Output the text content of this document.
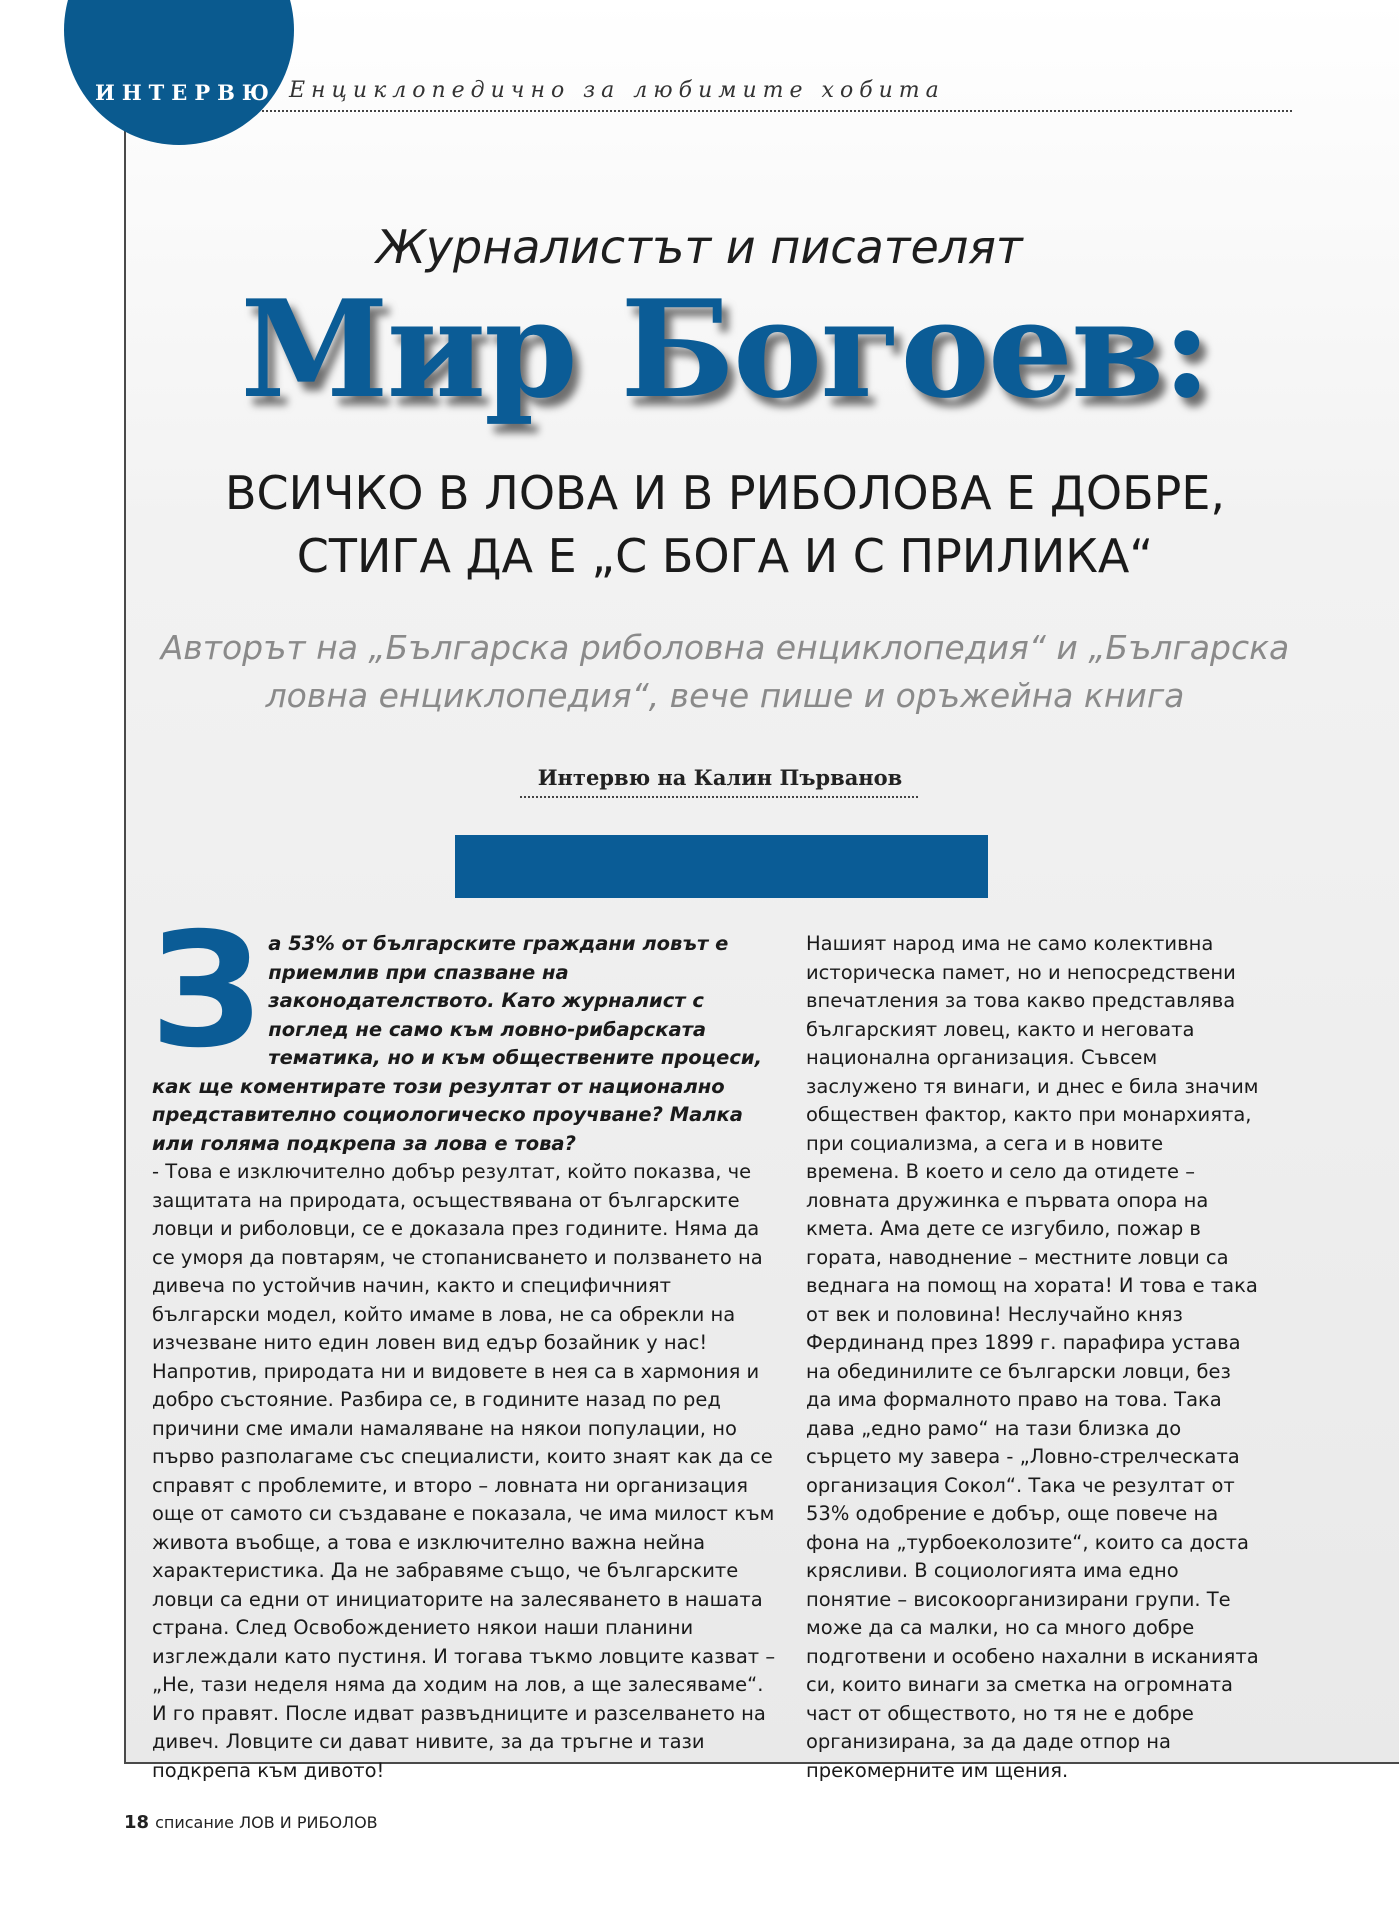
ИНТЕРВЮ Енциклопедично за любимите хобита
Журналистът и писателят
Мир Богоев:
ВСИЧКО В ЛОВА И В РИБОЛОВА Е ДОБРЕ,
СТИГА ДА Е „С БОГА И С ПРИЛИКА“
Авторът на „Българска риболовна енциклопедия“ и „Българска
ловна енциклопедия“, вече пише и оръжейна книга
Интервю на Калин Първанов
З а 53% от българските граждани ловът е приемлив при спазване на законодателството. Като журналист с поглед не само към ловно-рибарската тематика, но и към обществените процеси, как ще коментирате този резултат от национално представително социологическо проучване? Малка или голяма подкрепа за лова е това?

- Това е изключително добър резултат, който показва, че защитата на природата, осъществявана от българските ловци и риболовци, се е доказала през годините. Няма да се уморя да повтарям, че стопанисването и ползването на дивеча по устойчив начин, както и специфичният български модел, който имаме в лова, не са обрекли на изчезване нито един ловен вид едър бозайник у нас! Напротив, природата ни и видовете в нея са в хармония и добро състояние. Разбира се, в годините назад по ред причини сме имали намаляване на някои популации, но първо разполагаме със специалисти, които знаят как да се справят с проблемите, и второ – ловната ни организация още от самото си създаване е показала, че има милост към живота въобще, а това е изключително важна нейна характеристика. Да не забравяме също, че българските ловци са едни от инициаторите на залесяването в нашата страна. След Освобождението някои наши планини изглеждали като пустиня. И тогава тъкмо ловците казват – „Не, тази неделя няма да ходим на лов, а ще залесяваме“. И го правят. После идват развъдниците и разселването на дивеч. Ловците си дават нивите, за да тръгне и тази подкрепа към дивото!

Нашият народ има не само колективна историческа памет, но и непосредствени впечатления за това какво представлява българският ловец, както и неговата национална организация. Съвсем заслужено тя винаги, и днес е била значим обществен фактор, както при монархията, при социализма, а сега и в новите времена. В което и село да отидете – ловната дружинка е първата опора на кмета. Ама дете се изгубило, пожар в гората, наводнение – местните ловци са веднага на помощ на хората! И това е така от век и половина! Неслучайно княз Фердинанд през 1899 г. парафира устава на обединилите се български ловци, без да има формалното право на това. Така дава „едно рамо“ на тази близка до сърцето му завера - „Ловно-стрелческата организация Сокол“. Така че резултат от 53% одобрение е добър, още повече на фона на „турбоеколозите“, които са доста крясливи. В социологията има едно понятие – високоорганизирани групи. Те може да са малки, но са много добре подготвени и особено нахални в исканията си, които винаги за сметка на огромната част от обществото, но тя не е добре организирана, за да даде отпор на прекомерните им щения.

18 списание ЛОВ И РИБОЛОВ
